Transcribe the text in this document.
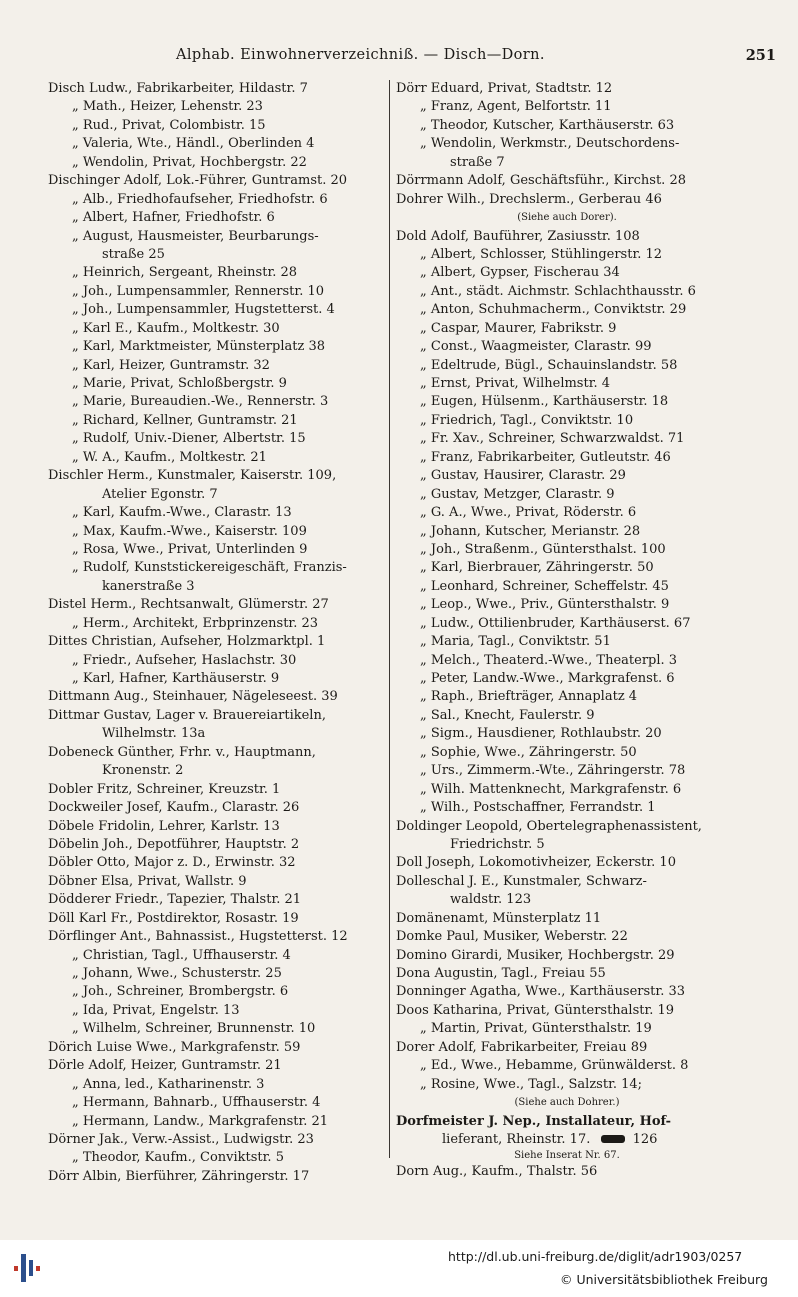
Alphab. Einwohnerverzeichniß. — Disch—Dorn.	251
Disch Ludw., Fabrikarbeiter, Hildastr. 7
„ Math., Heizer, Lehenstr. 23
„ Rud., Privat, Colombistr. 15
„ Valeria, Wte., Händl., Oberlinden 4
„ Wendolin, Privat, Hochbergstr. 22
Dischinger Adolf, Lok.-Führer, Guntramst. 20
„ Alb., Friedhofaufseher, Friedhofstr. 6
„ Albert, Hafner, Friedhofstr. 6
„ August, Hausmeister, Beurbarungs-
straße 25
„ Heinrich, Sergeant, Rheinstr. 28
„ Joh., Lumpensammler, Rennerstr. 10
„ Joh., Lumpensammler, Hugstetterst. 4
„ Karl E., Kaufm., Moltkestr. 30
„ Karl, Marktmeister, Münsterplatz 38
„ Karl, Heizer, Guntramstr. 32
„ Marie, Privat, Schloßbergstr. 9
„ Marie, Bureaudien.-We., Rennerstr. 3
„ Richard, Kellner, Guntramstr. 21
„ Rudolf, Univ.-Diener, Albertstr. 15
„ W. A., Kaufm., Moltkestr. 21
Dischler Herm., Kunstmaler, Kaiserstr. 109,
Atelier Egonstr. 7
„ Karl, Kaufm.-Wwe., Clarastr. 13
„ Max, Kaufm.-Wwe., Kaiserstr. 109
„ Rosa, Wwe., Privat, Unterlinden 9
„ Rudolf, Kunststickereigeschäft, Franzis-
kanerstraße 3
Distel Herm., Rechtsanwalt, Glümerstr. 27
„ Herm., Architekt, Erbprinzenstr. 23
Dittes Christian, Aufseher, Holzmarktpl. 1
„ Friedr., Aufseher, Haslachstr. 30
„ Karl, Hafner, Karthäuserstr. 9
Dittmann Aug., Steinhauer, Nägeleseest. 39
Dittmar Gustav, Lager v. Brauereiartikeln,
Wilhelmstr. 13a
Dobeneck Günther, Frhr. v., Hauptmann,
Kronenstr. 2
Dobler Fritz, Schreiner, Kreuzstr. 1
Dockweiler Josef, Kaufm., Clarastr. 26
Döbele Fridolin, Lehrer, Karlstr. 13
Döbelin Joh., Depotführer, Hauptstr. 2
Döbler Otto, Major z. D., Erwinstr. 32
Döbner Elsa, Privat, Wallstr. 9
Dödderer Friedr., Tapezier, Thalstr. 21
Döll Karl Fr., Postdirektor, Rosastr. 19
Dörflinger Ant., Bahnassist., Hugstetterst. 12
„ Christian, Tagl., Uffhauserstr. 4
„ Johann, Wwe., Schusterstr. 25
„ Joh., Schreiner, Brombergstr. 6
„ Ida, Privat, Engelstr. 13
„ Wilhelm, Schreiner, Brunnenstr. 10
Dörich Luise Wwe., Markgrafenstr. 59
Dörle Adolf, Heizer, Guntramstr. 21
„ Anna, led., Katharinenstr. 3
„ Hermann, Bahnarb., Uffhauserstr. 4
„ Hermann, Landw., Markgrafenstr. 21
Dörner Jak., Verw.-Assist., Ludwigstr. 23
„ Theodor, Kaufm., Conviktstr. 5
Dörr Albin, Bierführer, Zähringerstr. 17
Dörr Eduard, Privat, Stadtstr. 12
„ Franz, Agent, Belfortstr. 11
„ Theodor, Kutscher, Karthäuserstr. 63
„ Wendolin, Werkmstr., Deutschordens-
straße 7
Dörrmann Adolf, Geschäftsführ., Kirchst. 28
Dohrer Wilh., Drechslerm., Gerberau 46
(Siehe auch Dorer).
Dold Adolf, Bauführer, Zasiusstr. 108
„ Albert, Schlosser, Stühlingerstr. 12
„ Albert, Gypser, Fischerau 34
„ Ant., städt. Aichmstr. Schlachthausstr. 6
„ Anton, Schuhmacherm., Conviktstr. 29
„ Caspar, Maurer, Fabrikstr. 9
„ Const., Waagmeister, Clarastr. 99
„ Edeltrude, Bügl., Schauinslandstr. 58
„ Ernst, Privat, Wilhelmstr. 4
„ Eugen, Hülsenm., Karthäuserstr. 18
„ Friedrich, Tagl., Conviktstr. 10
„ Fr. Xav., Schreiner, Schwarzwaldst. 71
„ Franz, Fabrikarbeiter, Gutleutstr. 46
„ Gustav, Hausirer, Clarastr. 29
„ Gustav, Metzger, Clarastr. 9
„ G. A., Wwe., Privat, Röderstr. 6
„ Johann, Kutscher, Merianstr. 28
„ Joh., Straßenm., Güntersthalst. 100
„ Karl, Bierbrauer, Zähringerstr. 50
„ Leonhard, Schreiner, Scheffelstr. 45
„ Leop., Wwe., Priv., Güntersthalstr. 9
„ Ludw., Ottilienbruder, Karthäuserst. 67
„ Maria, Tagl., Conviktstr. 51
„ Melch., Theaterd.-Wwe., Theaterpl. 3
„ Peter, Landw.-Wwe., Markgrafenst. 6
„ Raph., Briefträger, Annaplatz 4
„ Sal., Knecht, Faulerstr. 9
„ Sigm., Hausdiener, Rothlaubstr. 20
„ Sophie, Wwe., Zähringerstr. 50
„ Urs., Zimmerm.-Wte., Zähringerstr. 78
„ Wilh. Mattenknecht, Markgrafenstr. 6
„ Wilh., Postschaffner, Ferrandstr. 1
Doldinger Leopold, Obertelegraphenassistent,
Friedrichstr. 5
Doll Joseph, Lokomotivheizer, Eckerstr. 10
Dolleschal J. E., Kunstmaler, Schwarz-
waldstr. 123
Domänenamt, Münsterplatz 11
Domke Paul, Musiker, Weberstr. 22
Domino Girardi, Musiker, Hochbergstr. 29
Dona Augustin, Tagl., Freiau 55
Donninger Agatha, Wwe., Karthäuserstr. 33
Doos Katharina, Privat, Güntersthalstr. 19
„ Martin, Privat, Güntersthalstr. 19
Dorer Adolf, Fabrikarbeiter, Freiau 89
„ Ed., Wwe., Hebamme, Grünwälderst. 8
„ Rosine, Wwe., Tagl., Salzstr. 14;
(Siehe auch Dohrer.)
Dorfmeister J. Nep., Installateur, Hof-
lieferant, Rheinstr. 17.	126
Siehe Inserat Nr. 67.
Dorn Aug., Kaufm., Thalstr. 56
http://dl.ub.uni-freiburg.de/diglit/adr1903/0257
© Universitätsbibliothek Freiburg
